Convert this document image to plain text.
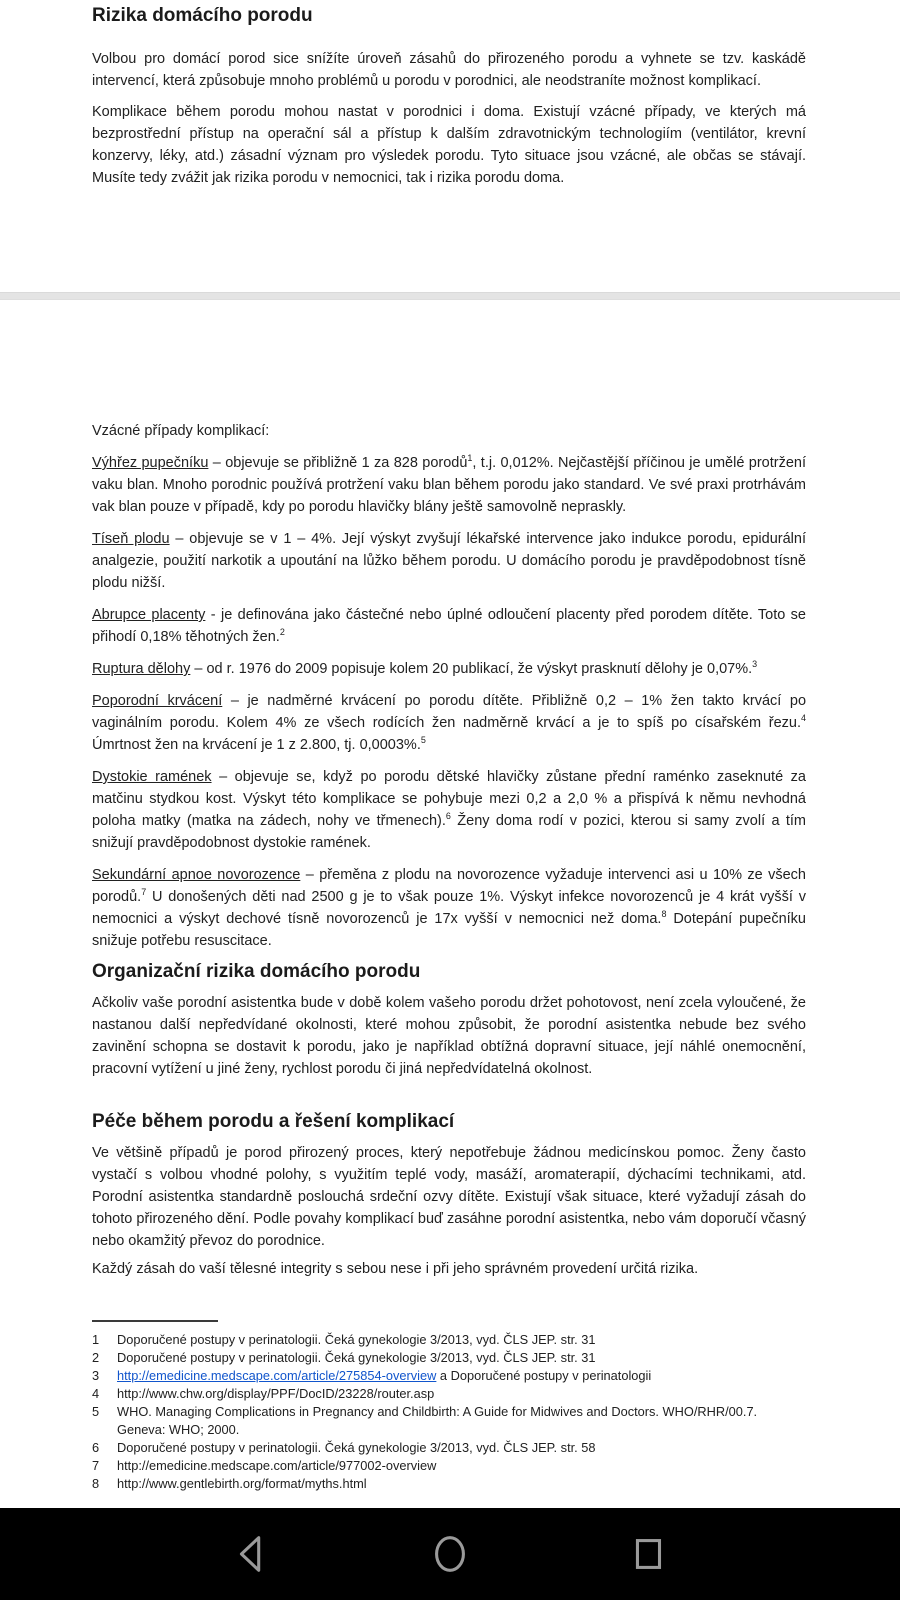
Rizika domácího porodu

Volbou pro domácí porod sice snížíte úroveň zásahů do přirozeného porodu a vyhnete se tzv. kaskádě intervencí, která způsobuje mnoho problémů u porodu v porodnici, ale neodstraníte možnost komplikací.

Komplikace během porodu mohou nastat v porodnici i doma. Existují vzácné případy, ve kterých má bezprostřední přístup na operační sál a přístup k dalším zdravotnickým technologiím (ventilátor, krevní konzervy, léky, atd.) zásadní význam pro výsledek porodu. Tyto situace jsou vzácné, ale občas se stávají. Musíte tedy zvážit jak rizika porodu v nemocnici, tak i rizika porodu doma.

Vzácné případy komplikací:

Výhřez pupečníku – objevuje se přibližně 1 za 828 porodů$^1$, t.j. 0,012%. Nejčastější příčinou je umělé protržení vaku blan. Mnoho porodnic používá protržení vaku blan během porodu jako standard. Ve své praxi protrhávám vak blan pouze v případě, kdy po porodu hlavičky blány ještě samovolně nepraskly.

Tíseň plodu – objevuje se v 1 – 4%. Její výskyt zvyšují lékařské intervence jako indukce porodu, epidurální analgezie, použití narkotik a upoutání na lůžko během porodu. U domácího porodu je pravděpodobnost tísně plodu nižší.

Abrupce placenty - je definována jako částečné nebo úplné odloučení placenty před porodem dítěte. Toto se přihodí 0,18% těhotných žen.$^2$

Ruptura dělohy – od r. 1976 do 2009 popisuje kolem 20 publikací, že výskyt prasknutí dělohy je 0,07%.$^3$

Poporodní krvácení – je nadměrné krvácení po porodu dítěte. Přibližně 0,2 – 1% žen takto krvácí po vaginálním porodu. Kolem 4% ze všech rodících žen nadměrně krvácí a je to spíš po císařském řezu.$^4$ Úmrtnost žen na krvácení je 1 z 2.800, tj. 0,0003%.$^5$

Dystokie ramének – objevuje se, když po porodu dětské hlavičky zůstane přední raménko zaseknuté za matčinu stydkou kost. Výskyt této komplikace se pohybuje mezi 0,2 a 2,0 % a přispívá k němu nevhodná poloha matky (matka na zádech, nohy ve třmenech).$^6$ Ženy doma rodí v pozici, kterou si samy zvolí a tím snižují pravděpodobnost dystokie ramének.

Sekundární apnoe novorozence – přeměna z plodu na novorozence vyžaduje intervenci asi u 10% ze všech porodů.$^7$ U donošených děti nad 2500 g je to však pouze 1%. Výskyt infekce novorozenců je 4 krát vyšší v nemocnici a výskyt dechové tísně novorozenců je 17x vyšší v nemocnici než doma.$^8$ Dotepání pupečníku snižuje potřebu resuscitace.

Organizační rizika domácího porodu

Ačkoliv vaše porodní asistentka bude v době kolem vašeho porodu držet pohotovost, není zcela vyloučené, že nastanou další nepředvídané okolnosti, které mohou způsobit, že porodní asistentka nebude bez svého zavinění schopna se dostavit k porodu, jako je například obtížná dopravní situace, její náhlé onemocnění, pracovní vytížení u jiné ženy, rychlost porodu či jiná nepředvídatelná okolnost.

Péče během porodu a řešení komplikací

Ve většině případů je porod přirozený proces, který nepotřebuje žádnou medicínskou pomoc. Ženy často vystačí s volbou vhodné polohy, s využitím teplé vody, masáží, aromaterapií, dýchacími technikami, atd. Porodní asistentka standardně poslouchá srdeční ozvy dítěte. Existují však situace, které vyžadují zásah do tohoto přirozeného dění. Podle povahy komplikací buď zasáhne porodní asistentka, nebo vám doporučí včasný nebo okamžitý převoz do porodnice.

Každý zásah do vaší tělesné integrity s sebou nese i při jeho správném provedení určitá rizika.

1	Doporučené postupy v perinatologii. Čeká gynekologie 3/2013, vyd. ČLS JEP. str. 31
2	Doporučené postupy v perinatologii. Čeká gynekologie 3/2013, vyd. ČLS JEP. str. 31
3	http://emedicine.medscape.com/article/275854-overview a Doporučené postupy v perinatologii
4	http://www.chw.org/display/PPF/DocID/23228/router.asp
5	WHO. Managing Complications in Pregnancy and Childbirth: A Guide for Midwives and Doctors. WHO/RHR/00.7. Geneva: WHO; 2000.
6	Doporučené postupy v perinatologii. Čeká gynekologie 3/2013, vyd. ČLS JEP. str. 58
7	http://emedicine.medscape.com/article/977002-overview
8	http://www.gentlebirth.org/format/myths.html
